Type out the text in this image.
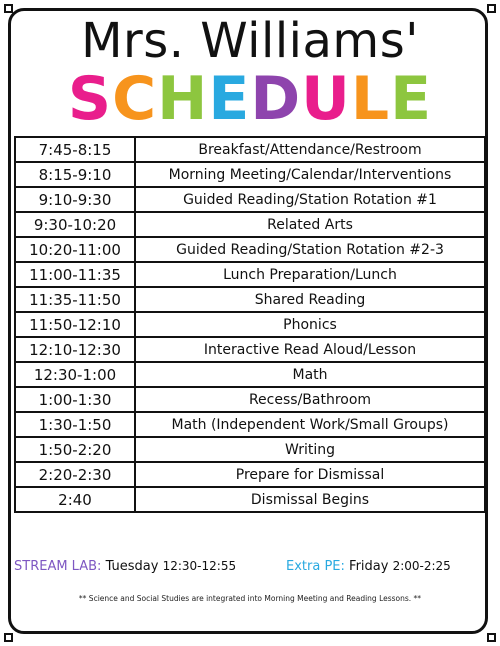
Mrs. Williams'
SCHEDULE
7:45-8:15	Breakfast/Attendance/Restroom
8:15-9:10	Morning Meeting/Calendar/Interventions
9:10-9:30	Guided Reading/Station Rotation #1
9:30-10:20	Related Arts
10:20-11:00	Guided Reading/Station Rotation #2-3
11:00-11:35	Lunch Preparation/Lunch
11:35-11:50	Shared Reading
11:50-12:10	Phonics
12:10-12:30	Interactive Read Aloud/Lesson
12:30-1:00	Math
1:00-1:30	Recess/Bathroom
1:30-1:50	Math (Independent Work/Small Groups)
1:50-2:20	Writing
2:20-2:30	Prepare for Dismissal
2:40	Dismissal Begins
STREAM LAB: Tuesday 12:30-12:55	Extra PE: Friday 2:00-2:25
** Science and Social Studies are integrated into Morning Meeting and Reading Lessons. **
